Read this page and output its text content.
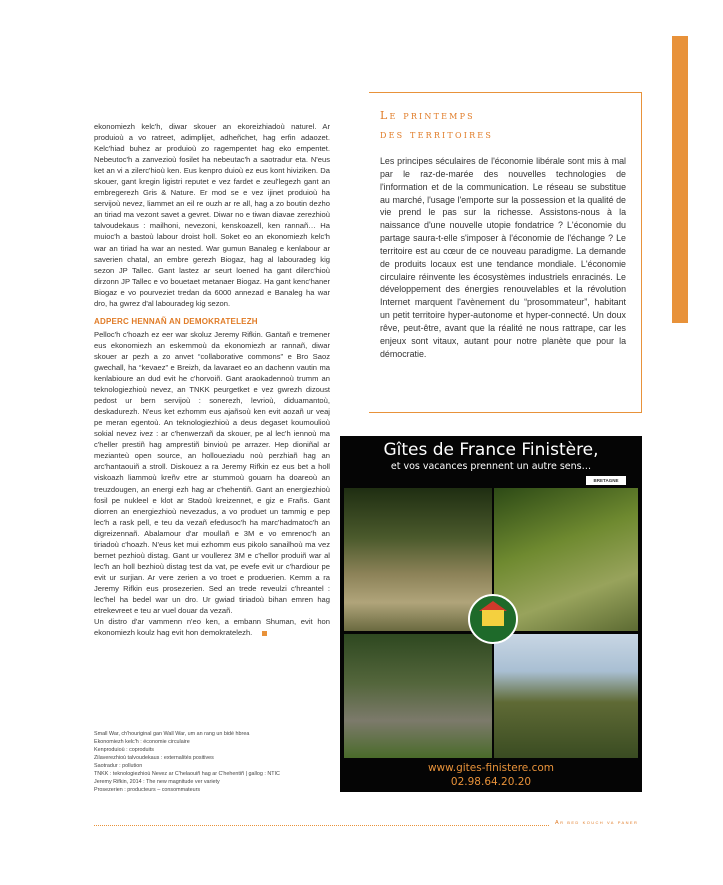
ekonomiezh kelc'h, diwar skouer an ekoreizhiadoù naturel. Ar produioù a vo ratreet, adimplijet, adheñchet, hag erfin adaozet. Kelc'hiad buhez ar produioù zo ragempentet hag eko empentet. Nebeutoc'h a zanvezioù fosilet ha nebeutac'h a saotradur eta. N'eus ket an vi a zilerc'hioù ken. Eus kenpro duioù ez eus kont hiviziken. Da skouer, gant kregin ligistri reputet e vez fardet e zeul'legezh gant an embregerezh Gris & Nature. Er mod se e vez ijinet produioù ha servijoù nevez, liammet an eil re ouzh ar re all, hag a zo boutin dezho an tiriad ma vezont savet a gevret. Diwar no e tiwan diavae zerezhioù talvoudekaus : mailhoni, nevezoni, kenskoazell, ken rannañ… Ha muioc'h a bastoù labour droist holl. Soket eo an ekonomiezh kelc'h war an tiriad ha war an nested. War gumun Banaleg e kenlabour ar saverien chatal, an embre gerezh Biogaz, hag al labouradeg kig sezon JP Tallec. Gant lastez ar seurt loened ha gant dilerc'hioù dirzonn JP Tallec e vo bouetaet metanaer Biogaz. Ha gant kenc'haner Biogaz e vo pourveziet tredan da 6000 annezad e Banaleg ha war dro, ha gwrez d'al labouradeg kig sezon.

ADPERC HENNAÑ AN DEMOKRATELEZH

Pelloc'h c'hoazh ez eer war skoluz Jeremy Rifkin. Gantañ e tremener eus ekonomiezh an eskemmoù da ekonomiezh ar rannañ, diwar skouer ar pezh a zo anvet “collaborative commons” e Bro Saoz gwechall, ha “kevaez” e Breizh, da lavaraet eo an dachenn vautin ma kenlabioure an dud evit he c'horvoiñ. Gant araokadennoù trumm an teknologiezhioù nevez, an TNKK peurgetket e vez gwrezh dizoust pedost ur bern servijoù : sonerezh, levrioù, diduamantoù, deskadurezh. N'eus ket ezhomm eus ajañsoù ken evit aozañ ur veaj pe meran egentoù. An teknologiezhioù a deus degaset koumoulioù sokial nevez ivez : ar c'henwerzañ da skouer, pe al lec'h iennoù ma c'heller prestiñ hag amprestiñ binvioù pe arrazer. Hep dioniñal ar mezianteù open source, an holloueziadu noù perzhiañ hag an arc'hantaouiñ a stroll. Diskouez a ra Jeremy Rifkin ez eus bet a holl viskoazh liammoù kreñv etre ar stummoù gouarn ha doareoù an treuzdougen, an energi ezh hag ar c'hehentiñ. Gant an energiezhioù fosil pe nukleel e klot ar Stadoù kreizennet, e giz e Frañs. Gant diorren an energiezhioù nevezadus, a vo produet un tammig e pep lec'h a rask pell, e teu da vezañ efedusoc'h ha marc'hadmatoc'h an digreizennañ. Abalamour d'ar moullañ e 3M e vo emrenoc'h an tiriadoù c'hoazh. N'eus ket mui ezhomm eus pikolo sanailhoù ma vez bernet pezhioù distag. Gant ur voullerez 3M e c'hellor produiñ war al lec'h an holl bezhioù distag test da vat, pe evefe evit ur c'hardiour pe evit ur surjian. Ar vere zerien a vo troet e produerien. Kemm a ra Jeremy Rifkin eus prosezerien. Sed an trede reveulzi c'hreantel : lec'hel ha bedel war un dro. Ur gwiad tiriadoù bihan emren hag etrekevreet e teu ar vuel douar da vezañ.

Un distro d'ar vammenn n'eo ken, a embann Shuman, evit hon ekonomiezh koulz hag evit hon demokratelezh.

Small War, ch'houriginal gan Wall War, um an rang un bidé hbrea
Ekonomiezh kelc'h : économie circulaire
Kenproduioù : coproduits
Zilaverezhioù talvoudekaus : externalités positives
Saotradur : pollution
TNKK : teknologiezhioù Nevez ar C'helaouiñ hag ar C'hehentiñ | gallog : NTIC
Jeremy Rifkin, 2014 : The new magnitude ver variety
Prosezerien : producteurs – consommateurs
Le printemps
des territoires

Les principes séculaires de l'économie libérale sont mis à mal par le raz-de-marée des nouvelles technologies de l'information et de la communication. Le réseau se substitue au marché, l'usage l'emporte sur la possession et la qualité de vie prend le pas sur la richesse. Assistons-nous à la naissance d'une nouvelle utopie fondatrice ? L'économie du partage saura-t-elle s'imposer à l'économie de l'échange ? Le territoire est au cœur de ce nouveau paradigme. La demande de produits locaux est une tendance mondiale. L'économie circulaire réinvente les écosystèmes industriels enracinés. Le développement des énergies renouvelables et la révolution Internet marquent l'avènement du “prosommateur”, habitant un petit territoire hyper-autonome et hyper-connecté. Un doux rêve, peut-être, avant que la réalité ne nous rattrape, car les enjeux sont vitaux, autant pour notre planète que pour la démocratie.

Gîtes de France Finistère,
et vos vacances prennent un autre sens…
BRETAGNE
www.gites-finistere.com
02.98.64.20.20
Ar bed kouch va paner
